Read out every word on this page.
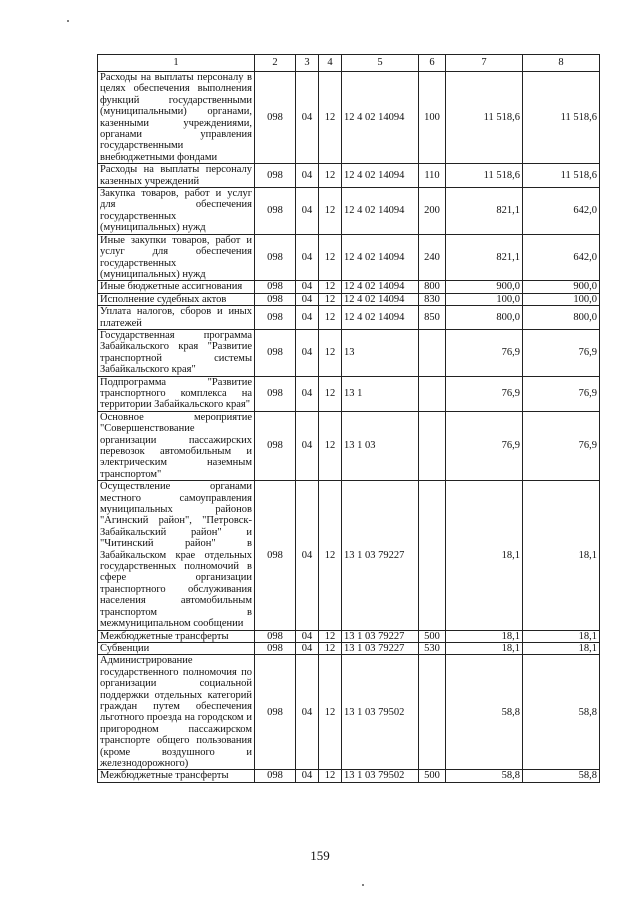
1	2	3	4	5	6	7	8
Расходы на выплаты персоналу в целях обеспечения выполнения функций государственными (муниципальными) органами, казенными учреждениями, органами управления государственными внебюджетными фондами	098	04	12	12 4 02 14094	100	11 518,6	11 518,6
Расходы на выплаты персоналу казенных учреждений	098	04	12	12 4 02 14094	110	11 518,6	11 518,6
Закупка товаров, работ и услуг для обеспечения государственных (муниципальных) нужд	098	04	12	12 4 02 14094	200	821,1	642,0
Иные закупки товаров, работ и услуг для обеспечения государственных (муниципальных) нужд	098	04	12	12 4 02 14094	240	821,1	642,0
Иные бюджетные ассигнования	098	04	12	12 4 02 14094	800	900,0	900,0
Исполнение судебных актов	098	04	12	12 4 02 14094	830	100,0	100,0
Уплата налогов, сборов и иных платежей	098	04	12	12 4 02 14094	850	800,0	800,0
Государственная программа Забайкальского края "Развитие транспортной системы Забайкальского края"	098	04	12	13		76,9	76,9
Подпрограмма "Развитие транспортного комплекса на территории Забайкальского края"	098	04	12	13 1		76,9	76,9
Основное мероприятие "Совершенствование организации пассажирских перевозок автомобильным и электрическим наземным транспортом"	098	04	12	13 1 03		76,9	76,9
Осуществление органами местного самоуправления муниципальных районов "Агинский район", "Петровск-Забайкальский район" и "Читинский район" в Забайкальском крае отдельных государственных полномочий в сфере организации транспортного обслуживания населения автомобильным транспортом в межмуниципальном сообщении	098	04	12	13 1 03 79227		18,1	18,1
Межбюджетные трансферты	098	04	12	13 1 03 79227	500	18,1	18,1
Субвенции	098	04	12	13 1 03 79227	530	18,1	18,1
Администрирование государственного полномочия по организации социальной поддержки отдельных категорий граждан путем обеспечения льготного проезда на городском и пригородном пассажирском транспорте общего пользования (кроме воздушного и железнодорожного)	098	04	12	13 1 03 79502		58,8	58,8
Межбюджетные трансферты	098	04	12	13 1 03 79502	500	58,8	58,8
159
